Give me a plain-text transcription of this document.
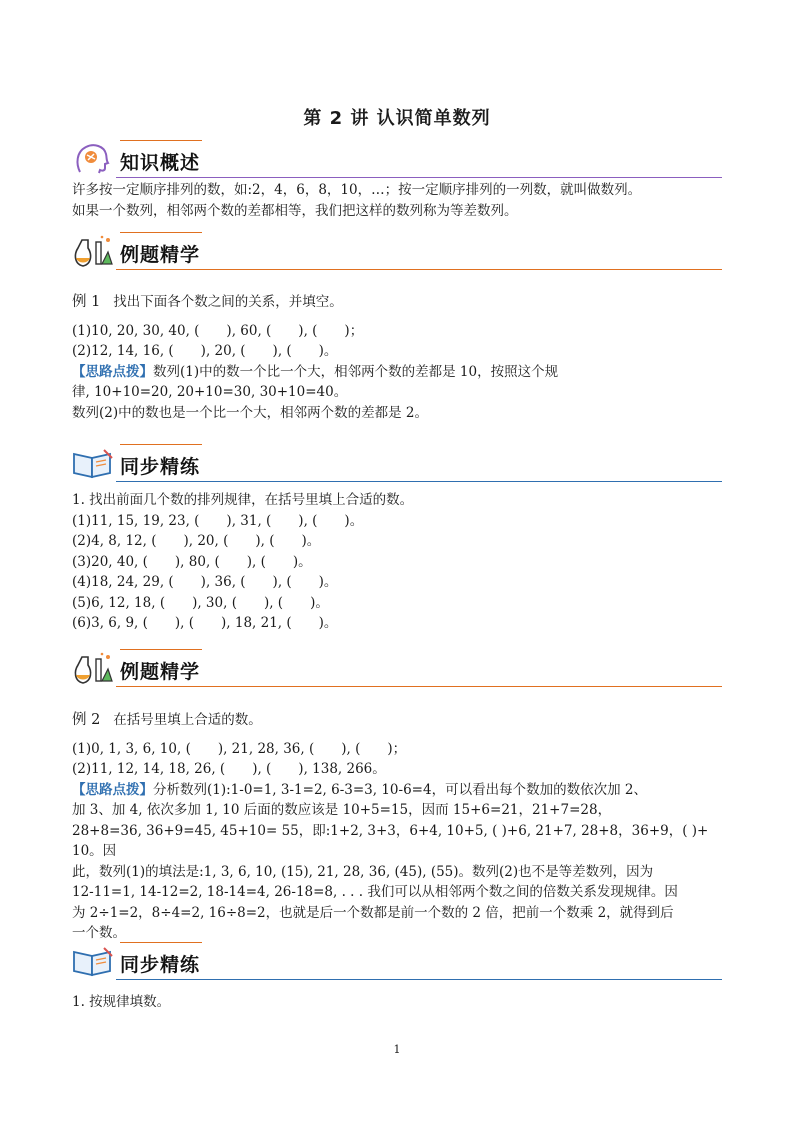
第 2 讲 认识简单数列
知识概述

许多按一定顺序排列的数，如:2，4，6，8，10，…；按一定顺序排列的一列数，就叫做数列。

如果一个数列，相邻两个数的差都相等，我们把这样的数列称为等差数列。

例题精学

例 1 找出下面各个数之间的关系，并填空。

(1)10, 20, 30, 40, (　　), 60, (　　), (　　)；

(2)12, 14, 16, (　　), 20, (　　), (　　)。

【思路点拨】数列(1)中的数一个比一个大，相邻两个数的差都是 10，按照这个规

律, 10+10=20, 20+10=30, 30+10=40。

数列(2)中的数也是一个比一个大，相邻两个数的差都是 2。

同步精练

1. 找出前面几个数的排列规律，在括号里填上合适的数。

(1)11, 15, 19, 23, (　　), 31, (　　), (　　)。

(2)4, 8, 12, (　　), 20, (　　), (　　)。

(3)20, 40, (　　), 80, (　　), (　　)。

(4)18, 24, 29, (　　), 36, (　　), (　　)。

(5)6, 12, 18, (　　), 30, (　　), (　　)。

(6)3, 6, 9, (　　), (　　), 18, 21, (　　)。

例题精学

例 2 在括号里填上合适的数。

(1)0, 1, 3, 6, 10, (　　), 21, 28, 36, (　　), (　　)；

(2)11, 12, 14, 18, 26, (　　), (　　), 138, 266。

【思路点拨】分析数列(1):1-0=1, 3-1=2, 6-3=3, 10-6=4，可以看出每个数加的数依次加 2、

加 3、加 4, 依次多加 1, 10 后面的数应该是 10+5=15，因而 15+6=21，21+7=28，

28+8=36, 36+9=45, 45+10= 55，即:1+2, 3+3，6+4, 10+5, ( )+6, 21+7, 28+8，36+9，( )+ 10。因

此，数列(1)的填法是:1, 3, 6, 10, (15), 21, 28, 36, (45), (55)。数列(2)也不是等差数列，因为

12-11=1, 14-12=2, 18-14=4, 26-18=8, . . . 我们可以从相邻两个数之间的倍数关系发现规律。因

为 2÷1=2，8÷4=2, 16÷8=2，也就是后一个数都是前一个数的 2 倍，把前一个数乘 2，就得到后

一个数。

同步精练

1. 按规律填数。

1
